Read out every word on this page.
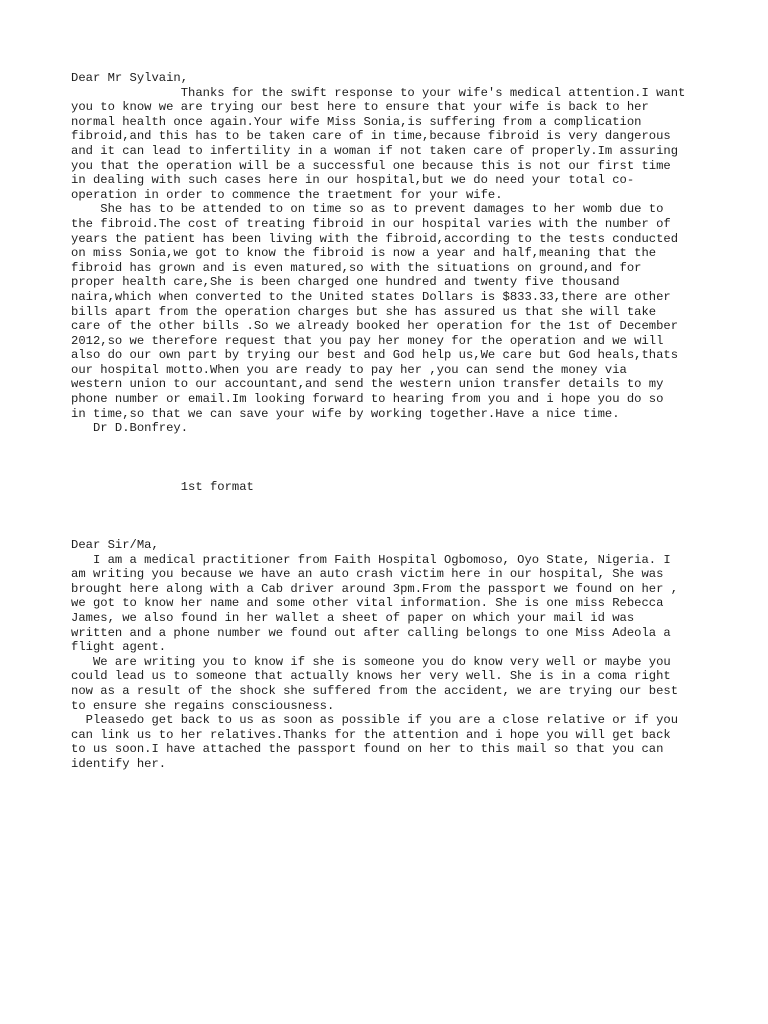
Dear Mr Sylvain,
Thanks for the swift response to your wife's medical attention.I want
you to know we are trying our best here to ensure that your wife is back to her
normal health once again.Your wife Miss Sonia,is suffering from a complication
fibroid,and this has to be taken care of in time,because fibroid is very dangerous
and it can lead to infertility in a woman if not taken care of properly.Im assuring
you that the operation will be a successful one because this is not our first time
in dealing with such cases here in our hospital,but we do need your total co-
operation in order to commence the traetment for your wife.
She has to be attended to on time so as to prevent damages to her womb due to
the fibroid.The cost of treating fibroid in our hospital varies with the number of
years the patient has been living with the fibroid,according to the tests conducted
on miss Sonia,we got to know the fibroid is now a year and half,meaning that the
fibroid has grown and is even matured,so with the situations on ground,and for
proper health care,She is been charged one hundred and twenty five thousand
naira,which when converted to the United states Dollars is $833.33,there are other
bills apart from the operation charges but she has assured us that she will take
care of the other bills .So we already booked her operation for the 1st of December
2012,so we therefore request that you pay her money for the operation and we will
also do our own part by trying our best and God help us,We care but God heals,thats
our hospital motto.When you are ready to pay her ,you can send the money via
western union to our accountant,and send the western union transfer details to my
phone number or email.Im looking forward to hearing from you and i hope you do so
in time,so that we can save your wife by working together.Have a nice time.
Dr D.Bonfrey.
1st format
Dear Sir/Ma,
I am a medical practitioner from Faith Hospital Ogbomoso, Oyo State, Nigeria. I
am writing you because we have an auto crash victim here in our hospital, She was
brought here along with a Cab driver around 3pm.From the passport we found on her ,
we got to know her name and some other vital information. She is one miss Rebecca
James, we also found in her wallet a sheet of paper on which your mail id was
written and a phone number we found out after calling belongs to one Miss Adeola a
flight agent.
We are writing you to know if she is someone you do know very well or maybe you
could lead us to someone that actually knows her very well. She is in a coma right
now as a result of the shock she suffered from the accident, we are trying our best
to ensure she regains consciousness.
Pleasedo get back to us as soon as possible if you are a close relative or if you
can link us to her relatives.Thanks for the attention and i hope you will get back
to us soon.I have attached the passport found on her to this mail so that you can
identify her.
